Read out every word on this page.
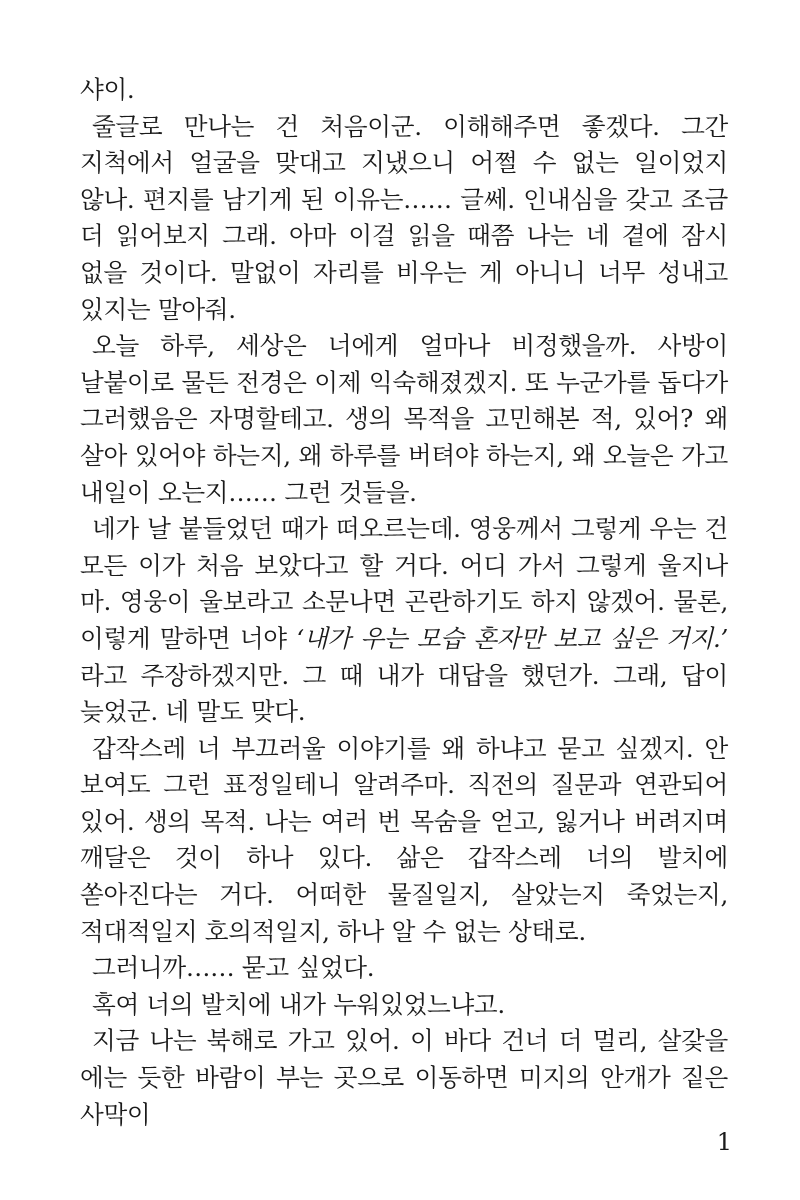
샤이.

줄글로 만나는 건 처음이군. 이해해주면 좋겠다. 그간 지척에서 얼굴을 맞대고 지냈으니 어쩔 수 없는 일이었지 않나. 편지를 남기게 된 이유는…… 글쎄. 인내심을 갖고 조금 더 읽어보지 그래. 아마 이걸 읽을 때쯤 나는 네 곁에 잠시 없을 것이다. 말없이 자리를 비우는 게 아니니 너무 성내고 있지는 말아줘.

오늘 하루, 세상은 너에게 얼마나 비정했을까. 사방이 날붙이로 물든 전경은 이제 익숙해졌겠지. 또 누군가를 돕다가 그러했음은 자명할테고. 생의 목적을 고민해본 적, 있어? 왜 살아 있어야 하는지, 왜 하루를 버텨야 하는지, 왜 오늘은 가고 내일이 오는지…… 그런 것들을.

네가 날 붙들었던 때가 떠오르는데. 영웅께서 그렇게 우는 건 모든 이가 처음 보았다고 할 거다. 어디 가서 그렇게 울지나 마. 영웅이 울보라고 소문나면 곤란하기도 하지 않겠어. 물론, 이렇게 말하면 너야 ‘내가 우는 모습 혼자만 보고 싶은 거지.’ 라고 주장하겠지만. 그 때 내가 대답을 했던가. 그래, 답이 늦었군. 네 말도 맞다.

갑작스레 너 부끄러울 이야기를 왜 하냐고 묻고 싶겠지. 안 보여도 그런 표정일테니 알려주마. 직전의 질문과 연관되어 있어. 생의 목적. 나는 여러 번 목숨을 얻고, 잃거나 버려지며 깨달은 것이 하나 있다. 삶은 갑작스레 너의 발치에 쏟아진다는 거다. 어떠한 물질일지, 살았는지 죽었는지, 적대적일지 호의적일지, 하나 알 수 없는 상태로.

그러니까…… 묻고 싶었다.

혹여 너의 발치에 내가 누워있었느냐고.

지금 나는 북해로 가고 있어. 이 바다 건너 더 멀리, 살갗을 에는 듯한 바람이 부는 곳으로 이동하면 미지의 안개가 짙은 사막이

1
